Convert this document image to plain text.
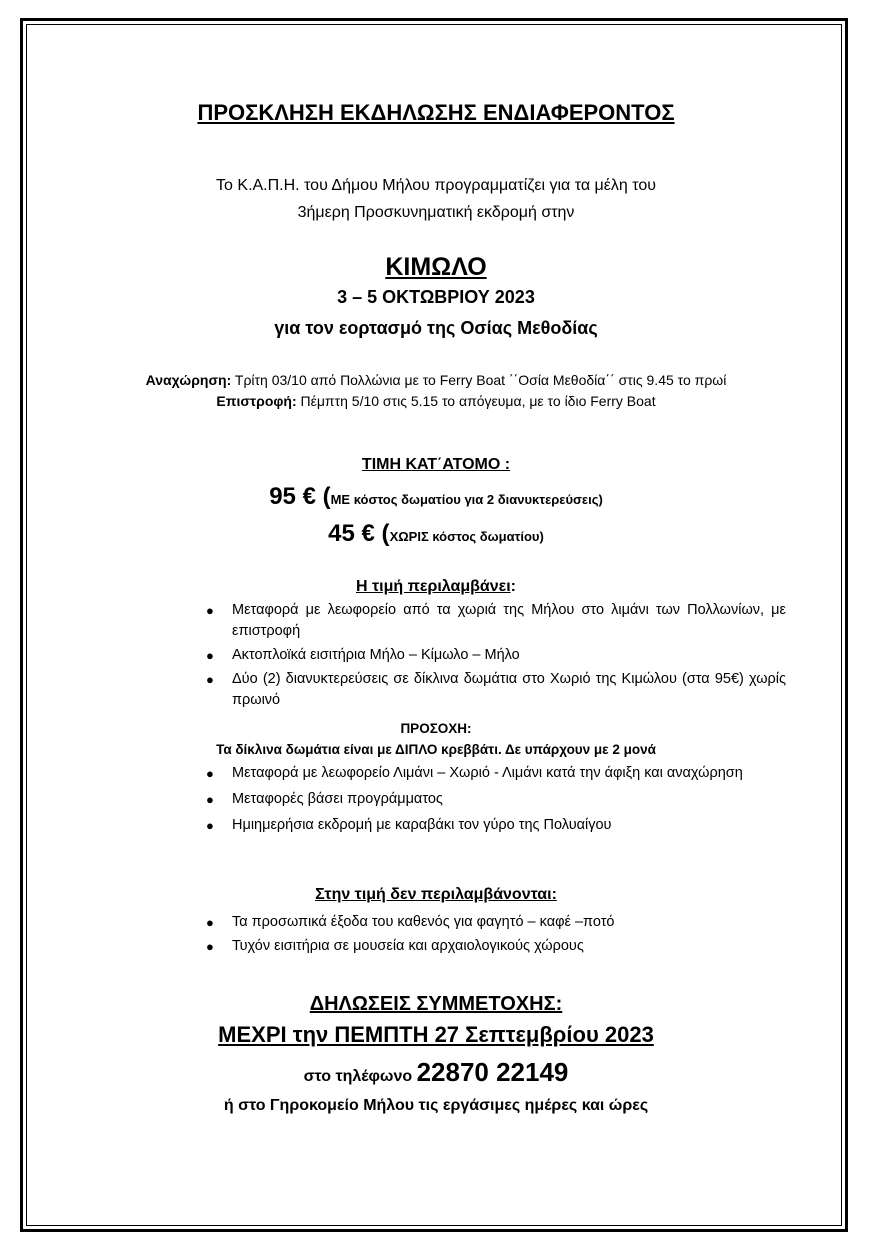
ΠΡΟΣΚΛΗΣΗ ΕΚΔΗΛΩΣΗΣ ΕΝΔΙΑΦΕΡΟΝΤΟΣ

Το Κ.Α.Π.Η. του Δήμου Μήλου προγραμματίζει για τα μέλη του
3ήμερη Προσκυνηματική εκδρομή στην

ΚΙΜΩΛΟ

3 – 5 ΟΚΤΩΒΡΙΟΥ 2023

για τον εορτασμό της Οσίας Μεθοδίας

Αναχώρηση: Τρίτη 03/10 από Πολλώνια με το Ferry Boat ΄΄Οσία Μεθοδία΄΄ στις 9.45 το πρωί
Επιστροφή: Πέμπτη 5/10 στις 5.15 το απόγευμα, με το ίδιο Ferry Boat

ΤΙΜΗ ΚΑΤ΄ΑΤΟΜΟ :

95 € (ΜΕ κόστος δωματίου για 2 διανυκτερεύσεις)

45 € (ΧΩΡΙΣ κόστος δωματίου)

Η τιμή περιλαμβάνει:

● Μεταφορά με λεωφορείο από τα χωριά της Μήλου στο λιμάνι των Πολλωνίων, με επιστροφή
● Ακτοπλοϊκά εισιτήρια Μήλο – Κίμωλο – Μήλο
● Δύο (2) διανυκτερεύσεις σε δίκλινα δωμάτια στο Χωριό της Κιμώλου (στα 95€) χωρίς πρωινό
ΠΡΟΣΟΧΗ:
Τα δίκλινα δωμάτια είναι με ΔΙΠΛΟ κρεββάτι. Δε υπάρχουν με 2 μονά
● Μεταφορά με λεωφορείο Λιμάνι – Χωριό - Λιμάνι κατά την άφιξη και αναχώρηση
● Μεταφορές βάσει προγράμματος
● Ημιημερήσια εκδρομή με καραβάκι τον γύρο της Πολυαίγου

Στην τιμή δεν περιλαμβάνονται:

● Τα προσωπικά έξοδα του καθενός για φαγητό – καφέ –ποτό
● Τυχόν εισιτήρια σε μουσεία και αρχαιολογικούς χώρους

ΔΗΛΩΣΕΙΣ ΣΥΜΜΕΤΟΧΗΣ:

ΜΕΧΡΙ την ΠΕΜΠΤΗ 27 Σεπτεμβρίου 2023

στο τηλέφωνο 22870 22149

ή στο Γηροκομείο Μήλου τις εργάσιμες ημέρες και ώρες
